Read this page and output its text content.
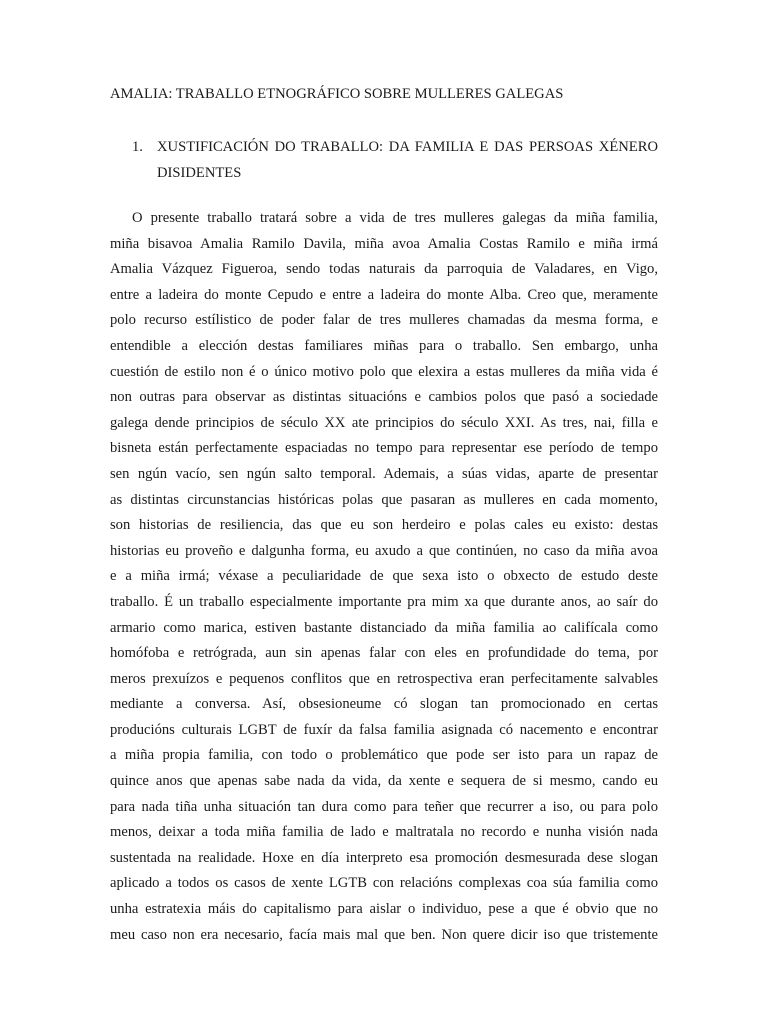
AMALIA: TRABALLO ETNOGRÁFICO SOBRE MULLERES GALEGAS
1. XUSTIFICACIÓN DO TRABALLO: DA FAMILIA E DAS PERSOAS XÉNERO DISIDENTES
O presente traballo tratará sobre a vida de tres mulleres galegas da miña familia,
miña bisavoa Amalia Ramilo Davila, miña avoa Amalia Costas Ramilo e miña irmá
Amalia Vázquez Figueroa, sendo todas naturais da parroquia de Valadares, en Vigo,
entre a ladeira do monte Cepudo e entre a ladeira do monte Alba. Creo que, meramente
polo recurso estílistico de poder falar de tres mulleres chamadas da mesma forma, e
entendible a elección destas familiares miñas para o traballo. Sen embargo, unha
cuestión de estilo non é o único motivo polo que elexira a estas mulleres da miña vida é
non outras para observar as distintas situacións e cambios polos que pasó a sociedade
galega dende principios de século XX ate principios do século XXI. As tres, nai, filla e
bisneta están perfectamente espaciadas no tempo para representar ese período de tempo
sen ngún vacío, sen ngún salto temporal. Ademais, a súas vidas, aparte de presentar
as distintas circunstancias históricas polas que pasaran as mulleres en cada momento,
son historias de resiliencia, das que eu son herdeiro e polas cales eu existo: destas
historias eu proveño e dalgunha forma, eu axudo a que continúen, no caso da miña avoa
e a miña irmá; véxase a peculiaridade de que sexa isto o obxecto de estudo deste
traballo. É un traballo especialmente importante pra mim xa que durante anos, ao saír do
armario como marica, estiven bastante distanciado da miña familia ao califícala como
homófoba e retrógrada, aun sin apenas falar con eles en profundidade do tema, por
meros prexuízos e pequenos conflitos que en retrospectiva eran perfecitamente salvables
mediante a conversa. Así, obsesioneume có slogan tan promocionado en certas
producións culturais LGBT de fuxír da falsa familia asignada có nacemento e encontrar
a miña propia familia, con todo o problemático que pode ser isto para un rapaz de
quince anos que apenas sabe nada da vida, da xente e sequera de si mesmo, cando eu
para nada tiña unha situación tan dura como para teñer que recurrer a iso, ou para polo
menos, deixar a toda miña familia de lado e maltratala no recordo e nunha visión nada
sustentada na realidade. Hoxe en día interpreto esa promoción desmesurada dese slogan
aplicado a todos os casos de xente LGTB con relacións complexas coa súa familia como
unha estratexia máis do capitalismo para aislar o individuo, pese a que é obvio que no
meu caso non era necesario, facía mais mal que ben. Non quere dicir iso que tristemente
